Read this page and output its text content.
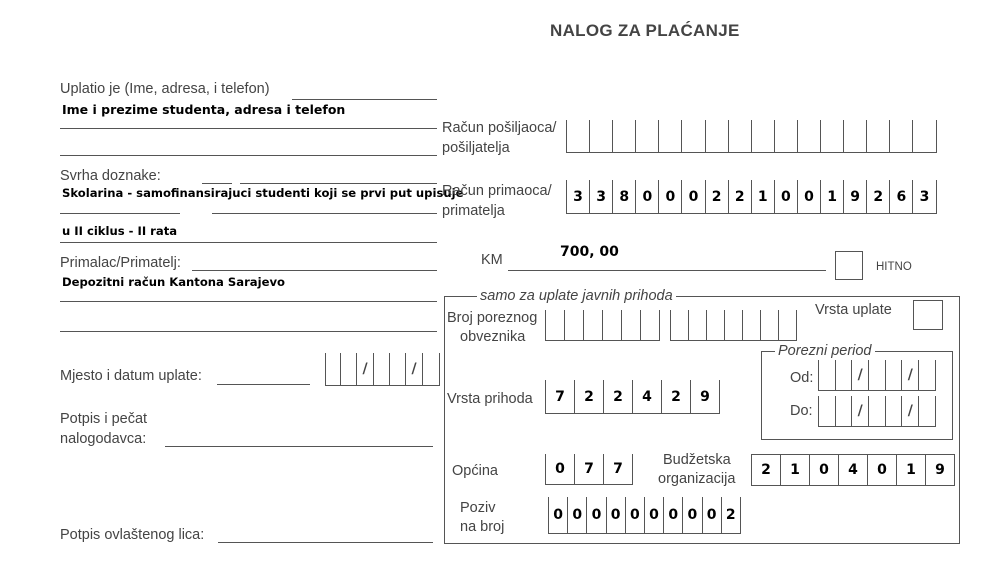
NALOG ZA PLAĆANJE
Uplatio je (Ime, adresa, i telefon)
Ime i prezime studenta, adresa i telefon
Svrha doznake:
Skolarina - samofinansirajuci studenti koji se prvi put upisuje
u II ciklus - II rata
Primalac/Primatelj:
Depozitni račun Kantona Sarajevo
Mjesto i datum uplate:	/	/
Potpis i pečat
nalogodavca:
Potpis ovlaštenog lica:
Račun pošiljaoca/
pošiljatelja
Račun primaoca/
primatelja
3 3 8 0 0 0 2 2 1 0 0 1 9 2 6 3
KM	700, 00
HITNO
samo za uplate javnih prihoda
Broj poreznog
obveznika
Vrsta uplate
Porezni period
Od:	/	/
Do:	/	/
Vrsta prihoda	7	2	2	4	2	9
Općina	0	7	7
Budžetska
organizacija
2	1	0	4	0	1	9
Poziv
na broj
0 0 0 0 0 0 0 0 0 2
